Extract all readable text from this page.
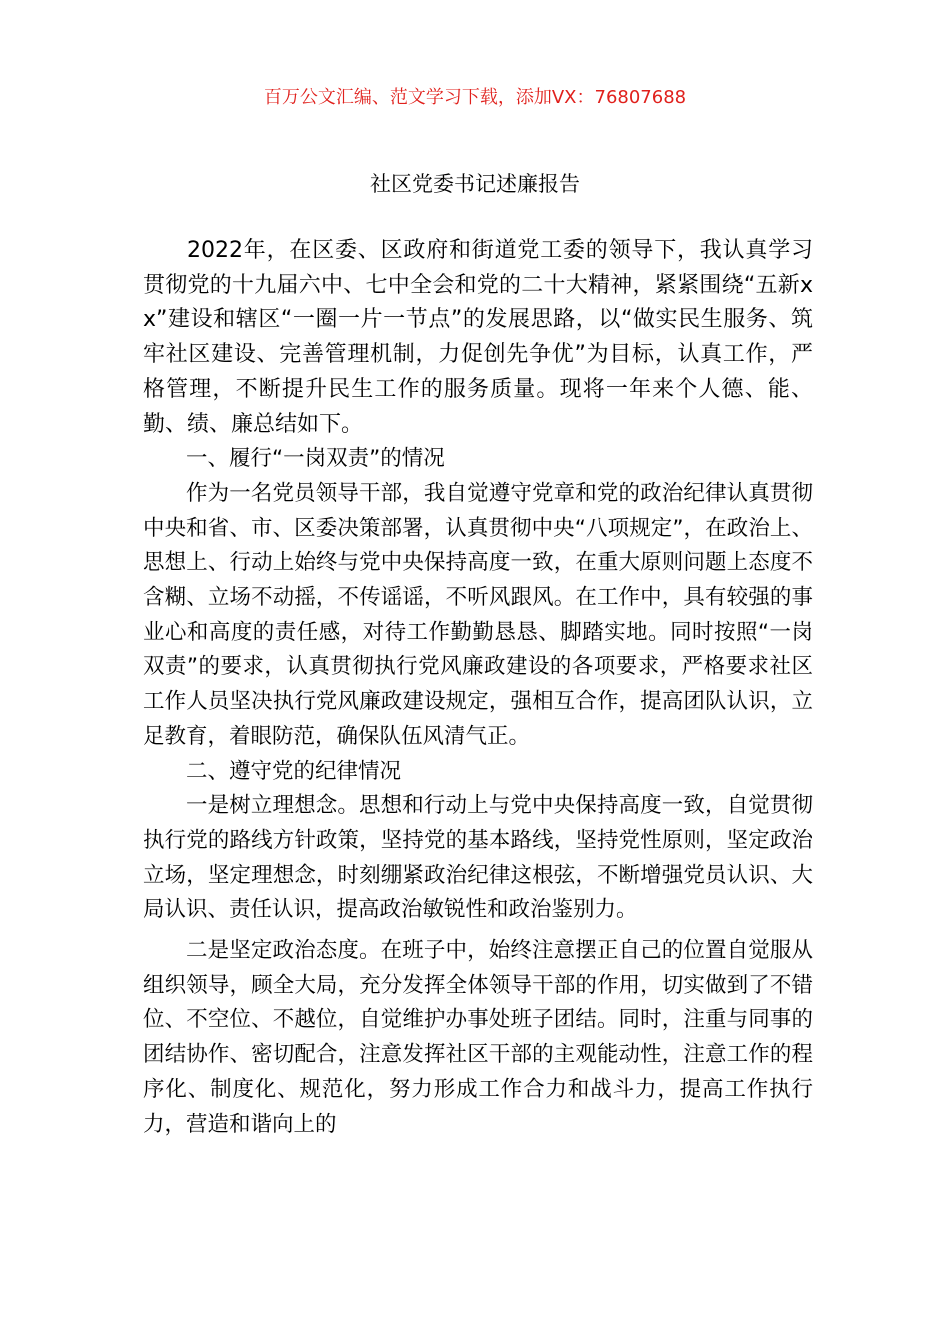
百万公文汇编、范文学习下载，添加VX：76807688
社区党委书记述廉报告

2022年，在区委、区政府和街道党工委的领导下，我认真学习贯彻党的十九届六中、七中全会和党的二十大精神，紧紧围绕“五新xx”建设和辖区“一圈一片一节点”的发展思路，以“做实民生服务、筑牢社区建设、完善管理机制，力促创先争优”为目标，认真工作，严格管理，不断提升民生工作的服务质量。现将一年来个人德、能、勤、绩、廉总结如下。

一、履行“一岗双责”的情况

作为一名党员领导干部，我自觉遵守党章和党的政治纪律认真贯彻中央和省、市、区委决策部署，认真贯彻中央“八项规定”，在政治上、思想上、行动上始终与党中央保持高度一致，在重大原则问题上态度不含糊、立场不动摇，不传谣谣，不听风跟风。在工作中，具有较强的事业心和高度的责任感，对待工作勤勤恳恳、脚踏实地。同时按照“一岗双责”的要求，认真贯彻执行党风廉政建设的各项要求，严格要求社区工作人员坚决执行党风廉政建设规定，强相互合作，提高团队认识，立足教育，着眼防范，确保队伍风清气正。

二、遵守党的纪律情况

一是树立理想念。思想和行动上与党中央保持高度一致，自觉贯彻执行党的路线方针政策，坚持党的基本路线，坚持党性原则，坚定政治立场，坚定理想念，时刻绷紧政治纪律这根弦，不断增强党员认识、大局认识、责任认识，提高政治敏锐性和政治鉴别力。

二是坚定政治态度。在班子中，始终注意摆正自己的位置自觉服从组织领导，顾全大局，充分发挥全体领导干部的作用，切实做到了不错位、不空位、不越位，自觉维护办事处班子团结。同时，注重与同事的团结协作、密切配合，注意发挥社区干部的主观能动性，注意工作的程序化、制度化、规范化，努力形成工作合力和战斗力，提高工作执行力，营造和谐向上的
